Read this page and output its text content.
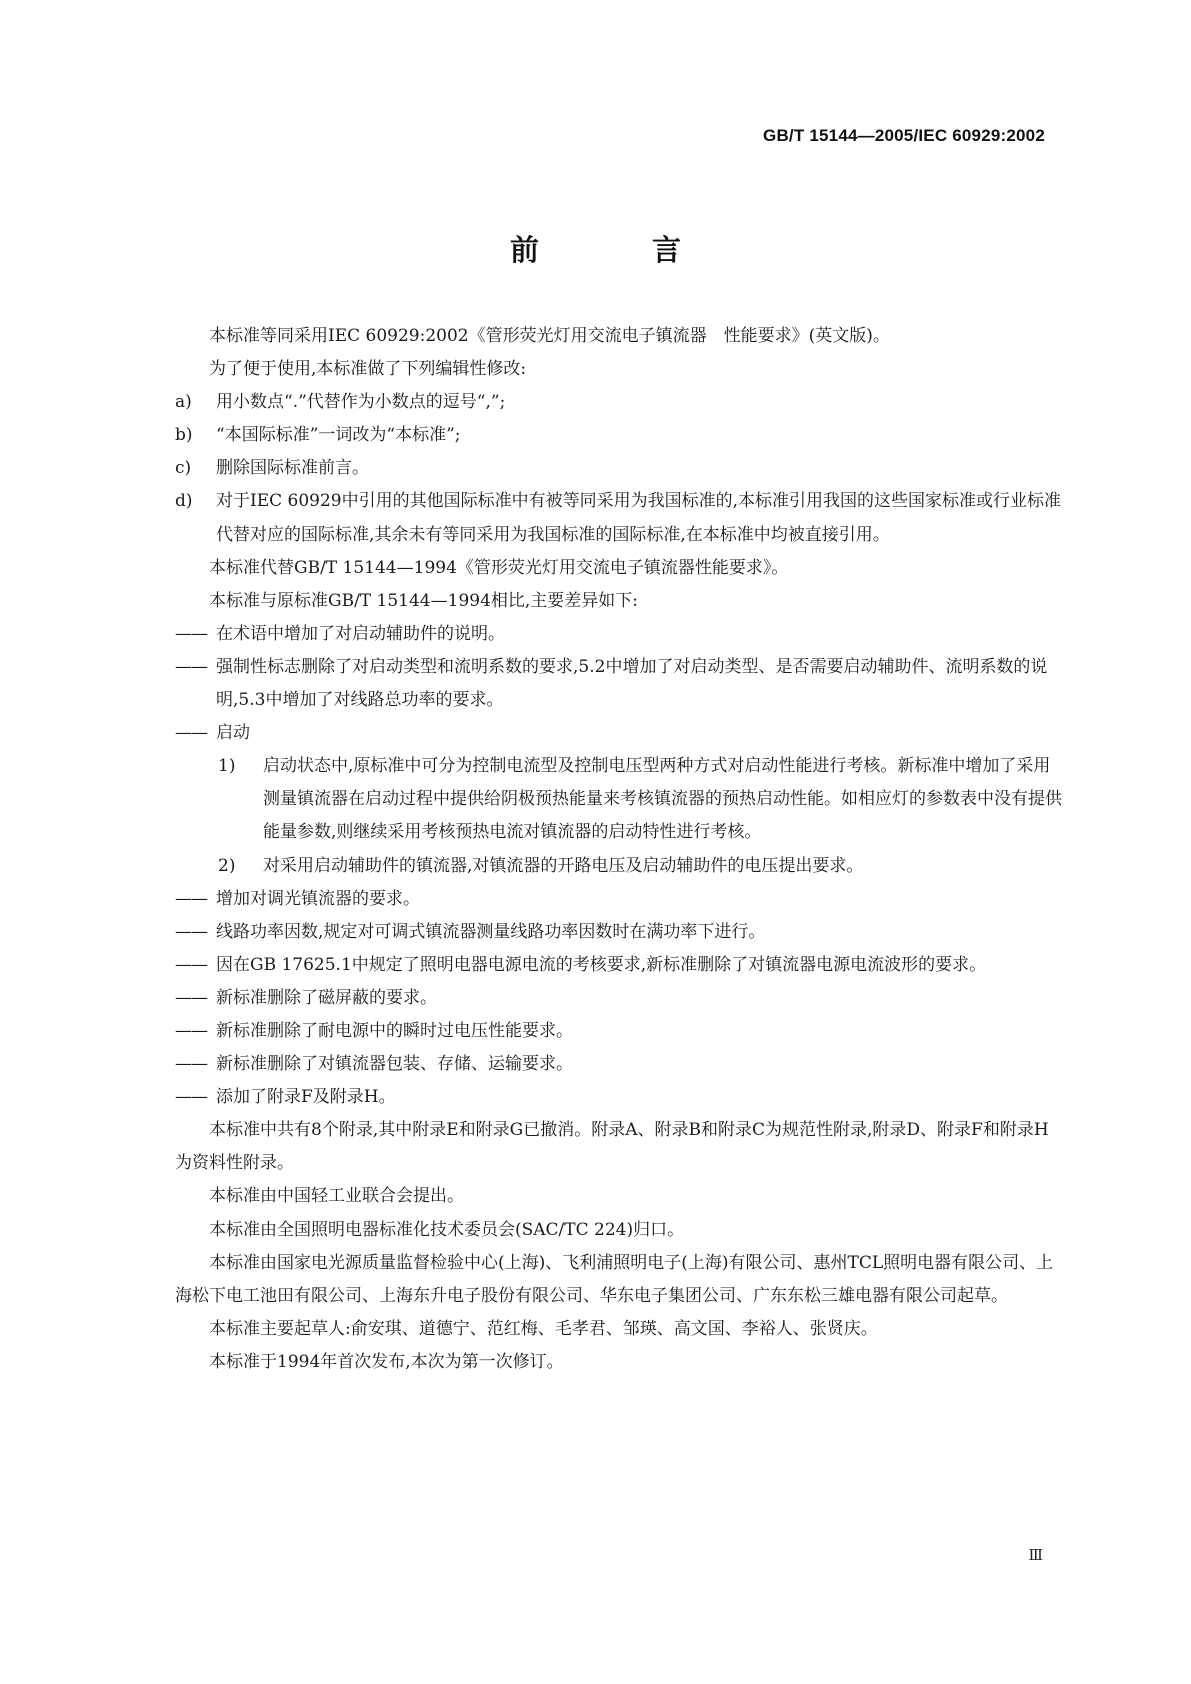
GB/T 15144—2005/IEC 60929:2002
前　言

本标准等同采用IEC 60929:2002《管形荧光灯用交流电子镇流器　性能要求》(英文版)。

为了便于使用,本标准做了下列编辑性修改:

a)	用小数点“.”代替作为小数点的逗号“,”;
b)	“本国际标准”一词改为“本标准”;
c)	删除国际标准前言。
d)	对于IEC 60929中引用的其他国际标准中有被等同采用为我国标准的,本标准引用我国的这些国家标准或行业标准代替对应的国际标准,其余未有等同采用为我国标准的国际标准,在本标准中均被直接引用。

本标准代替GB/T 15144—1994《管形荧光灯用交流电子镇流器性能要求》。

本标准与原标准GB/T 15144—1994相比,主要差异如下:

—— 在术语中增加了对启动辅助件的说明。
—— 强制性标志删除了对启动类型和流明系数的要求,5.2中增加了对启动类型、是否需要启动辅助件、流明系数的说明,5.3中增加了对线路总功率的要求。
—— 启动
1)	启动状态中,原标准中可分为控制电流型及控制电压型两种方式对启动性能进行考核。新标准中增加了采用测量镇流器在启动过程中提供给阴极预热能量来考核镇流器的预热启动性能。如相应灯的参数表中没有提供能量参数,则继续采用考核预热电流对镇流器的启动特性进行考核。
2)	对采用启动辅助件的镇流器,对镇流器的开路电压及启动辅助件的电压提出要求。
—— 增加对调光镇流器的要求。
—— 线路功率因数,规定对可调式镇流器测量线路功率因数时在满功率下进行。
—— 因在GB 17625.1中规定了照明电器电源电流的考核要求,新标准删除了对镇流器电源电流波形的要求。
—— 新标准删除了磁屏蔽的要求。
—— 新标准删除了耐电源中的瞬时过电压性能要求。
—— 新标准删除了对镇流器包装、存储、运输要求。
—— 添加了附录F及附录H。

本标准中共有8个附录,其中附录E和附录G已撤消。附录A、附录B和附录C为规范性附录,附录D、附录F和附录H为资料性附录。

本标准由中国轻工业联合会提出。

本标准由全国照明电器标准化技术委员会(SAC/TC 224)归口。

本标准由国家电光源质量监督检验中心(上海)、飞利浦照明电子(上海)有限公司、惠州TCL照明电器有限公司、上海松下电工池田有限公司、上海东升电子股份有限公司、华东电子集团公司、广东东松三雄电器有限公司起草。

本标准主要起草人:俞安琪、道德宁、范红梅、毛孝君、邹瑛、高文国、李裕人、张贤庆。

本标准于1994年首次发布,本次为第一次修订。

Ⅲ
